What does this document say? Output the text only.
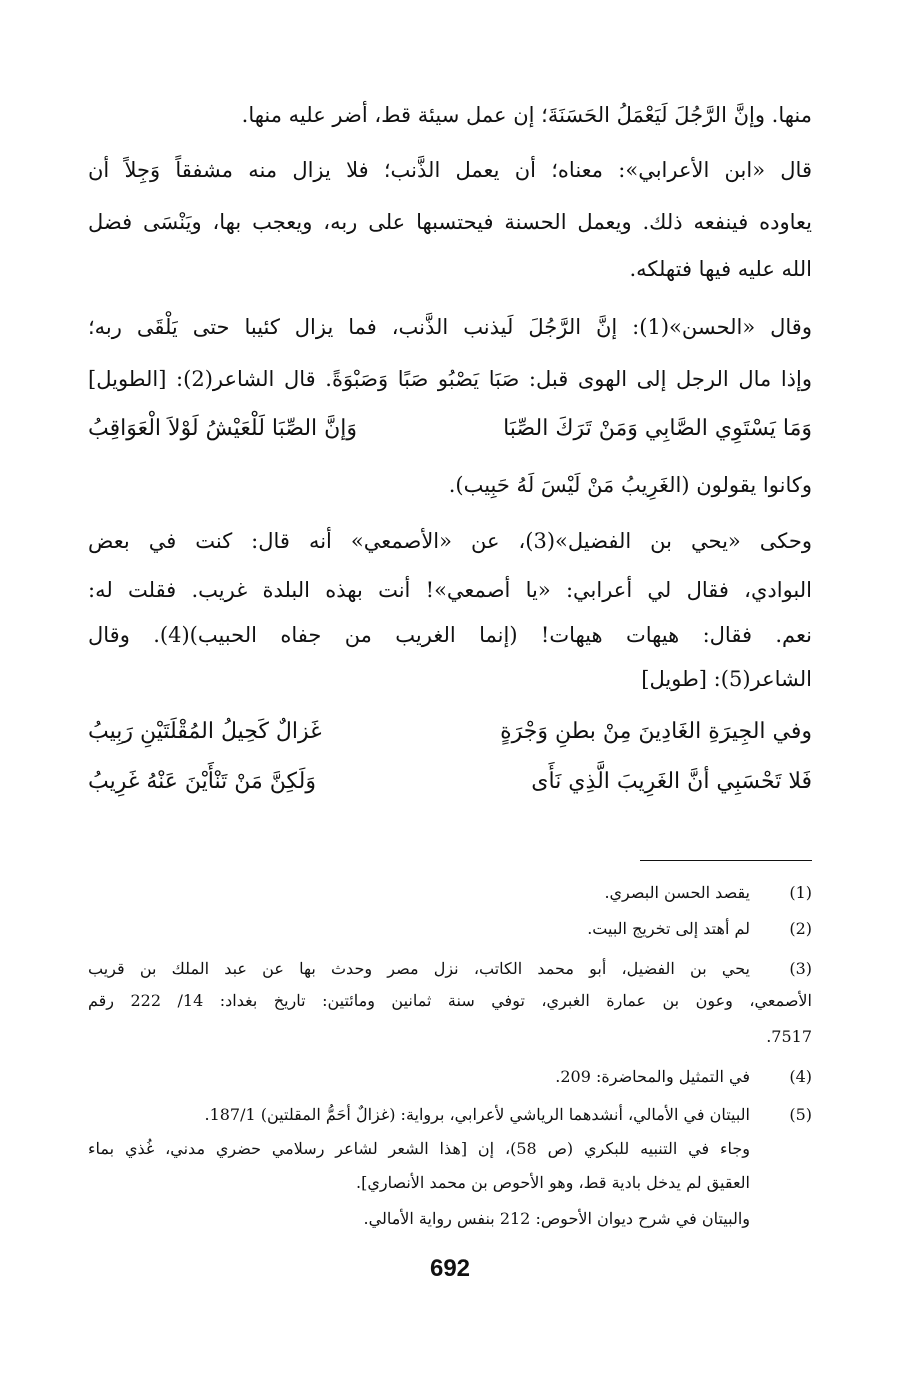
منها. وإنَّ الرَّجُلَ لَيَعْمَلُ الحَسَنَةَ؛ إن عمل سيئة قط، أضر عليه منها.
قال «ابن الأعرابي»: معناه؛ أن يعمل الذَّنب؛ فلا يزال منه مشفقاً وَجِلاً أن
يعاوده فينفعه ذلك. ويعمل الحسنة فيحتسبها على ربه، ويعجب بها، ويَنْسَى فضل
الله عليه فيها فتهلكه.
وقال «الحسن»(1): إنَّ الرَّجُلَ لَيذنب الذَّنب، فما يزال كئيبا حتى يَلْقَى ربه؛
وإذا مال الرجل إلى الهوى قبل: صَبَا يَصْبُو صَبًا وَصَبْوَةً. قال الشاعر(2): [الطويل]
وَمَا يَسْتَوِي الصَّابِي وَمَنْ تَرَكَ الصِّبَا
وَإنَّ الصِّبَا لَلْعَيْشُ لَوْلاَ الْعَوَاقِبُ
وكانوا يقولون (الغَرِيبُ مَنْ لَيْسَ لَهُ حَبِيب).
وحكى «يحي بن الفضيل»(3)، عن «الأصمعي» أنه قال: كنت في بعض
البوادي، فقال لي أعرابي: «يا أصمعي»! أنت بهذه البلدة غريب. فقلت له:
نعم. فقال: هيهات هيهات! (إنما الغريب من جفاه الحبيب)(4). وقال
الشاعر(5): [طويل]
وفي الجِيرَةِ الغَادِينَ مِنْ بطنِ وَجْرَةٍ
غَزالٌ كَحِيلُ المُقْلَتَيْنِ رَبِيبُ
فَلا تَحْسَبِي أنَّ الغَرِيبَ الَّذِي نَأَى
وَلَكِنَّ مَنْ تَنْأَيْنَ عَنْهُ غَرِيبُ
(1)
يقصد الحسن البصري.
(2)
لم أهتد إلى تخريج البيت.
(3)
يحي بن الفضيل، أبو محمد الكاتب، نزل مصر وحدث بها عن عبد الملك بن قريب
الأصمعي، وعون بن عمارة الغبري، توفي سنة ثمانين ومائتين: تاريخ بغداد: 14/ 222 رقم
7517.
(4)
في التمثيل والمحاضرة: 209.
(5)
البيتان في الأمالي، أنشدهما الرياشي لأعرابي، برواية: (غزالٌ أحَمُّ المقلتين) 187/1.
وجاء في التنبيه للبكري (ص 58)، إن [هذا الشعر لشاعر رسلامي حضري مدني، غُذي بماء
العقيق لم يدخل بادية قط، وهو الأحوص بن محمد الأنصاري].
والبيتان في شرح ديوان الأحوص: 212 بنفس رواية الأمالي.
692
